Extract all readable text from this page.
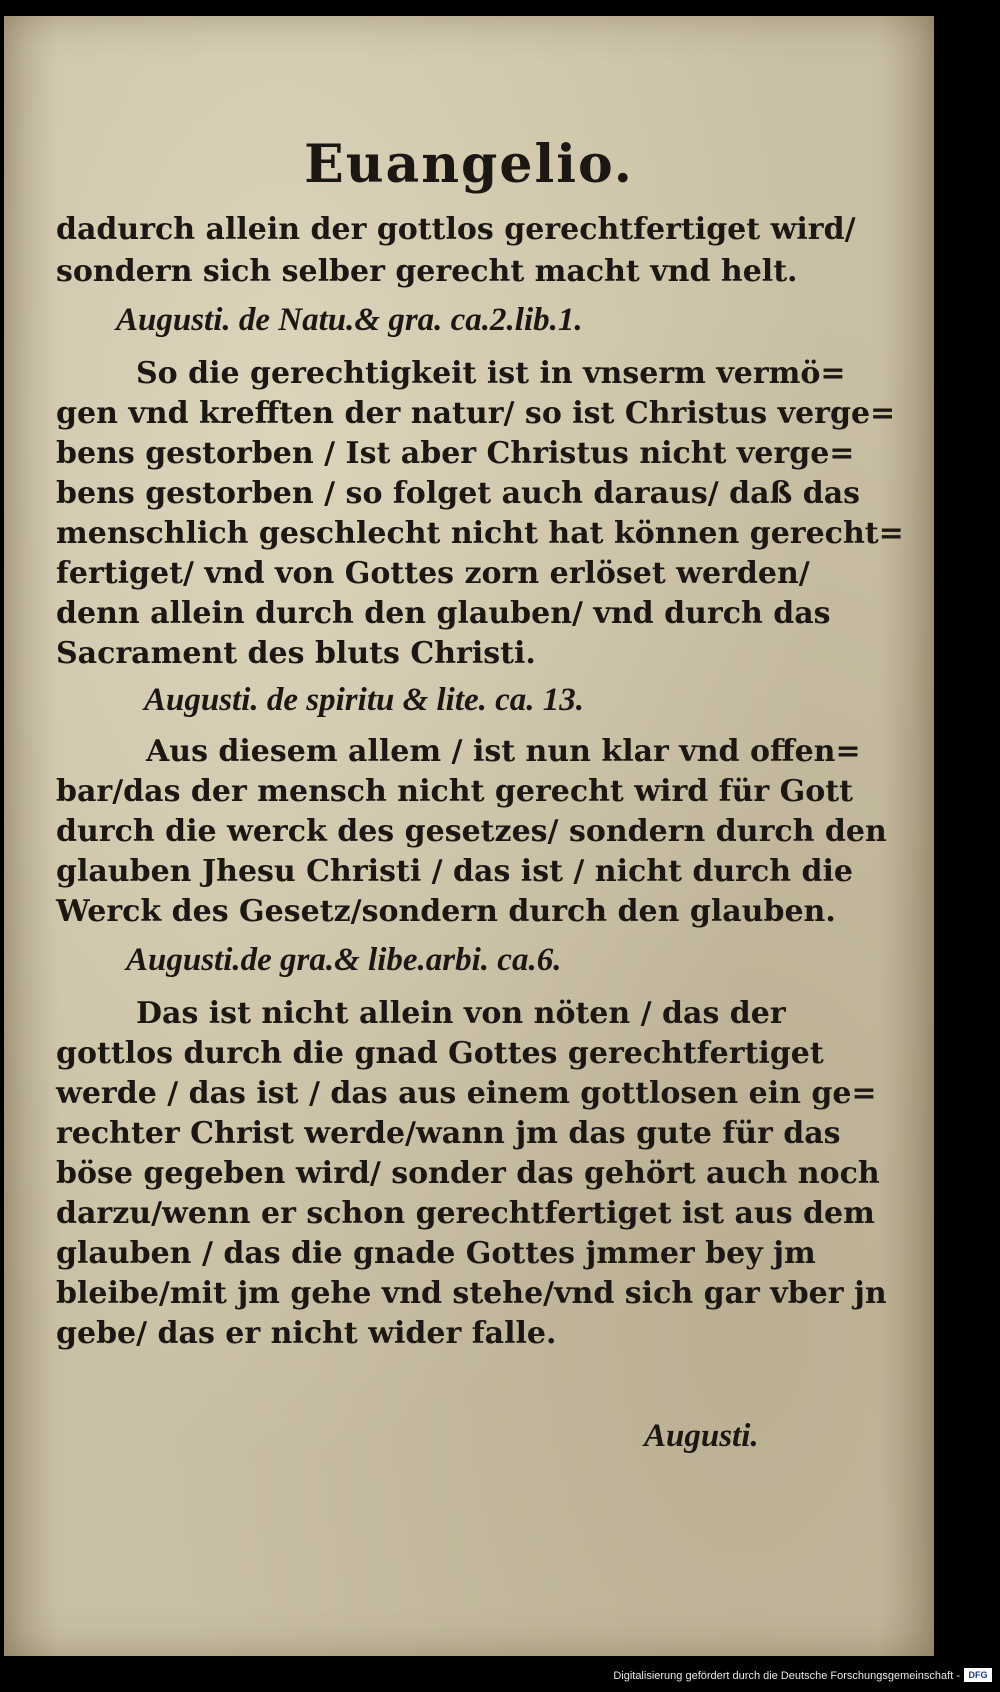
Euangelio.
dadurch allein der gottlos gerechtfertiget wird/
sondern sich selber gerecht macht vnd helt.
Augusti. de Natu.& gra. ca.2.lib.1.
So die gerechtigkeit ist in vnserm vermö=
gen vnd krefften der natur/ so ist Christus verge=
bens gestorben / Ist aber Christus nicht verge=
bens gestorben / so folget auch daraus/ daß das
menschlich geschlecht nicht hat können gerecht=
fertiget/ vnd von Gottes zorn erlöset werden/
denn allein durch den glauben/ vnd durch das
Sacrament des bluts Christi.
Augusti. de spiritu & lite. ca. 13.
Aus diesem allem / ist nun klar vnd offen=
bar/das der mensch nicht gerecht wird für Gott
durch die werck des gesetzes/ sondern durch den
glauben Jhesu Christi / das ist / nicht durch die
Werck des Gesetz/sondern durch den glauben.
Augusti.de gra.& libe.arbi. ca.6.
Das ist nicht allein von nöten / das der
gottlos durch die gnad Gottes gerechtfertiget
werde / das ist / das aus einem gottlosen ein ge=
rechter Christ werde/wann jm das gute für das
böse gegeben wird/ sonder das gehört auch noch
darzu/wenn er schon gerechtfertiget ist aus dem
glauben / das die gnade Gottes jmmer bey jm
bleibe/mit jm gehe vnd stehe/vnd sich gar vber jn
gebe/ das er nicht wider falle.
Augusti.
Digitalisierung gefördert durch die Deutsche Forschungsgemeinschaft - DFG
